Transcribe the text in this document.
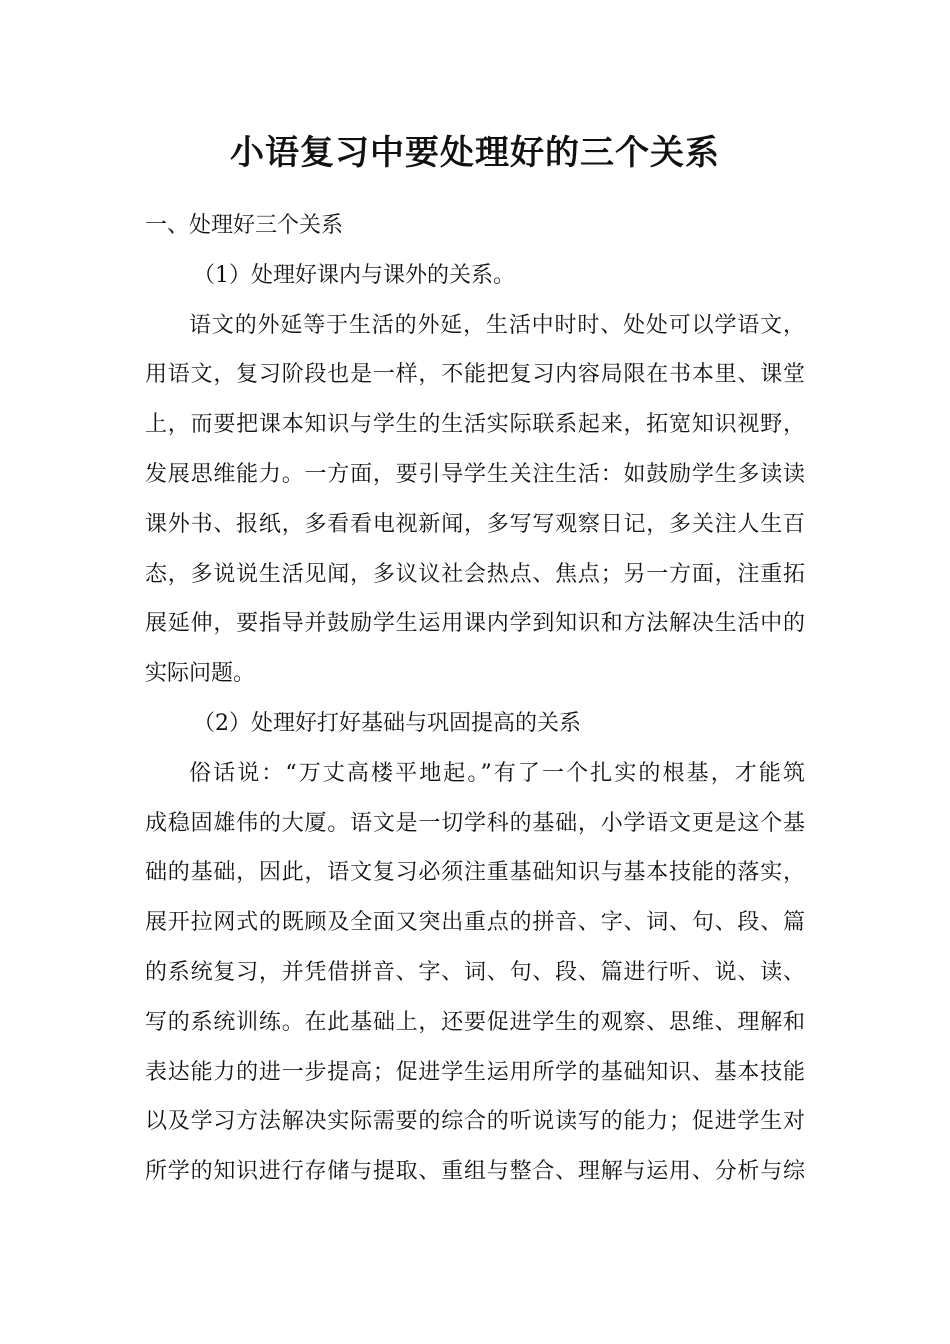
小语复习中要处理好的三个关系
一、处理好三个关系
（1）处理好课内与课外的关系。
语文的外延等于生活的外延，生活中时时、处处可以学语文，
用语文，复习阶段也是一样，不能把复习内容局限在书本里、课堂
上，而要把课本知识与学生的生活实际联系起来，拓宽知识视野，
发展思维能力。一方面，要引导学生关注生活：如鼓励学生多读读
课外书、报纸，多看看电视新闻，多写写观察日记，多关注人生百
态，多说说生活见闻，多议议社会热点、焦点；另一方面，注重拓
展延伸，要指导并鼓励学生运用课内学到知识和方法解决生活中的
实际问题。
（2）处理好打好基础与巩固提高的关系
俗话说：“万丈高楼平地起。”有了一个扎实的根基，才能筑
成稳固雄伟的大厦。语文是一切学科的基础，小学语文更是这个基
础的基础，因此，语文复习必须注重基础知识与基本技能的落实，
展开拉网式的既顾及全面又突出重点的拼音、字、词、句、段、篇
的系统复习，并凭借拼音、字、词、句、段、篇进行听、说、读、
写的系统训练。在此基础上，还要促进学生的观察、思维、理解和
表达能力的进一步提高；促进学生运用所学的基础知识、基本技能
以及学习方法解决实际需要的综合的听说读写的能力；促进学生对
所学的知识进行存储与提取、重组与整合、理解与运用、分析与综
